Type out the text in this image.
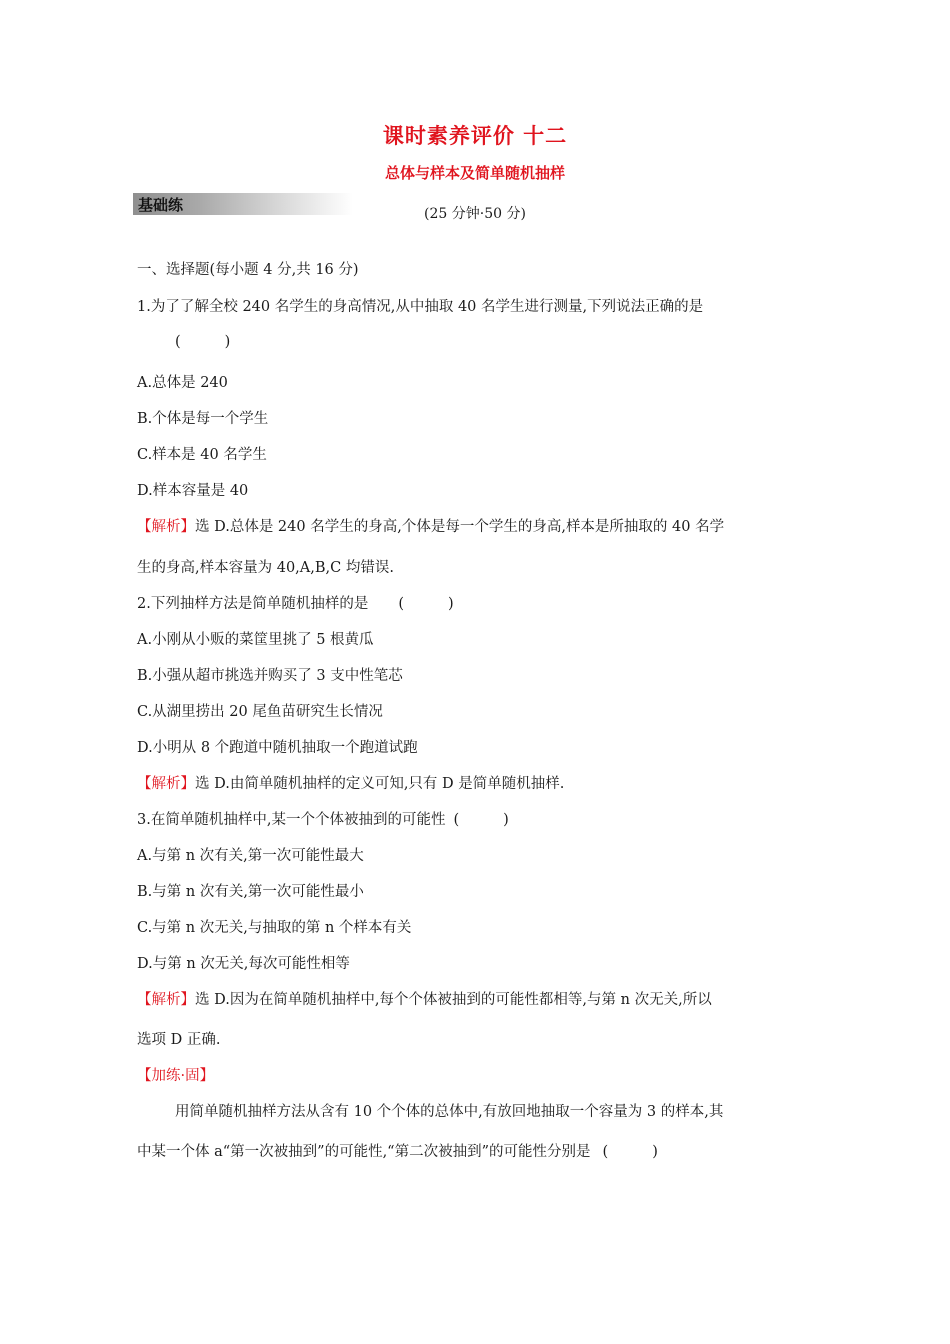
课时素养评价 十二
总体与样本及简单随机抽样
基础练	(25 分钟·50 分)
一、选择题(每小题 4 分,共 16 分)
1.为了了解全校 240 名学生的身高情况,从中抽取 40 名学生进行测量,下列说法正确的是
(	)
A.总体是 240
B.个体是每一个学生
C.样本是 40 名学生
D.样本容量是 40
【解析】选 D.总体是 240 名学生的身高,个体是每一个学生的身高,样本是所抽取的 40 名学
生的身高,样本容量为 40,A,B,C 均错误.
2.下列抽样方法是简单随机抽样的是 (	)
A.小刚从小贩的菜筐里挑了 5 根黄瓜
B.小强从超市挑选并购买了 3 支中性笔芯
C.从湖里捞出 20 尾鱼苗研究生长情况
D.小明从 8 个跑道中随机抽取一个跑道试跑
【解析】选 D.由简单随机抽样的定义可知,只有 D 是简单随机抽样.
3.在简单随机抽样中,某一个个体被抽到的可能性 (	)
A.与第 n 次有关,第一次可能性最大
B.与第 n 次有关,第一次可能性最小
C.与第 n 次无关,与抽取的第 n 个样本有关
D.与第 n 次无关,每次可能性相等
【解析】选 D.因为在简单随机抽样中,每个个体被抽到的可能性都相等,与第 n 次无关,所以
选项 D 正确.
【加练·固】
用简单随机抽样方法从含有 10 个个体的总体中,有放回地抽取一个容量为 3 的样本,其
中某一个体 a“第一次被抽到”的可能性,“第二次被抽到”的可能性分别是 (	)
